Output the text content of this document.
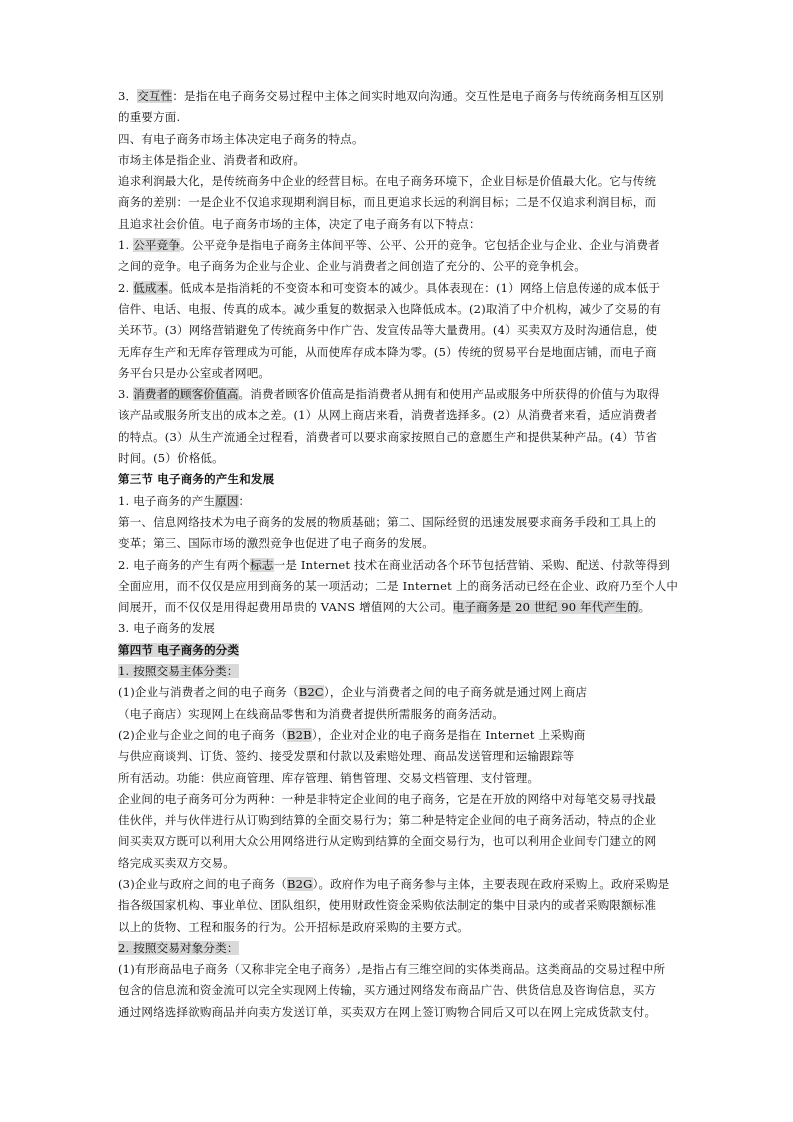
3．交互性：是指在电子商务交易过程中主体之间实时地双向沟通。交互性是电子商务与传统商务相互区别
的重要方面.
四、有电子商务市场主体决定电子商务的特点。
市场主体是指企业、消费者和政府。
追求利润最大化，是传统商务中企业的经营目标。在电子商务环境下，企业目标是价值最大化。它与传统
商务的差别：一是企业不仅追求现期利润目标，而且更追求长远的利润目标；二是不仅追求利润目标，而
且追求社会价值。电子商务市场的主体，决定了电子商务有以下特点：
1. 公平竞争。公平竞争是指电子商务主体间平等、公平、公开的竞争。它包括企业与企业、企业与消费者
之间的竞争。电子商务为企业与企业、企业与消费者之间创造了充分的、公平的竞争机会。
2. 低成本。低成本是指消耗的不变资本和可变资本的减少。具体表现在：(1）网络上信息传递的成本低于
信件、电话、电报、传真的成本。减少重复的数据录入也降低成本。(2)取消了中介机构，减少了交易的有
关环节。(3）网络营销避免了传统商务中作广告、发宣传品等大量费用。(4）买卖双方及时沟通信息，使
无库存生产和无库存管理成为可能，从而使库存成本降为零。(5）传统的贸易平台是地面店铺，而电子商
务平台只是办公室或者网吧。
3. 消费者的顾客价值高。消费者顾客价值高是指消费者从拥有和使用产品或服务中所获得的价值与为取得
该产品或服务所支出的成本之差。(1）从网上商店来看，消费者选择多。(2）从消费者来看，适应消费者
的特点。(3）从生产流通全过程看，消费者可以要求商家按照自己的意愿生产和提供某种产品。(4）节省
时间。(5）价格低。
第三节 电子商务的产生和发展
1. 电子商务的产生原因：
第一、信息网络技术为电子商务的发展的物质基础；第二、国际经贸的迅速发展要求商务手段和工具上的
变革；第三、国际市场的激烈竞争也促进了电子商务的发展。
2. 电子商务的产生有两个标志一是 Internet 技术在商业活动各个环节包括营销、采购、配送、付款等得到
全面应用，而不仅仅是应用到商务的某一项活动；二是 Internet 上的商务活动已经在企业、政府乃至个人中
间展开，而不仅仅是用得起费用昂贵的 VANS 增值网的大公司。电子商务是 20 世纪 90 年代产生的。
3. 电子商务的发展
第四节 电子商务的分类
1. 按照交易主体分类：
(1)企业与消费者之间的电子商务（B2C），企业与消费者之间的电子商务就是通过网上商店
（电子商店）实现网上在线商品零售和为消费者提供所需服务的商务活动。
(2)企业与企业之间的电子商务（B2B），企业对企业的电子商务是指在 Internet 上采购商
与供应商谈判、订货、签约、接受发票和付款以及索赔处理、商品发送管理和运输跟踪等
所有活动。功能：供应商管理、库存管理、销售管理、交易文档管理、支付管理。
企业间的电子商务可分为两种：一种是非特定企业间的电子商务，它是在开放的网络中对每笔交易寻找最
佳伙伴，并与伙伴进行从订购到结算的全面交易行为；第二种是特定企业间的电子商务活动，特点的企业
间买卖双方既可以利用大众公用网络进行从定购到结算的全面交易行为，也可以利用企业间专门建立的网
络完成买卖双方交易。
(3)企业与政府之间的电子商务（B2G）。政府作为电子商务参与主体，主要表现在政府采购上。政府采购是
指各级国家机构、事业单位、团队组织，使用财政性资金采购依法制定的集中目录内的或者采购限额标准
以上的货物、工程和服务的行为。公开招标是政府采购的主要方式。
2. 按照交易对象分类：
(1)有形商品电子商务（又称非完全电子商务）,是指占有三维空间的实体类商品。这类商品的交易过程中所
包含的信息流和资金流可以完全实现网上传输，买方通过网络发布商品广告、供货信息及咨询信息，买方
通过网络选择欲购商品并向卖方发送订单，买卖双方在网上签订购物合同后又可以在网上完成货款支付。
